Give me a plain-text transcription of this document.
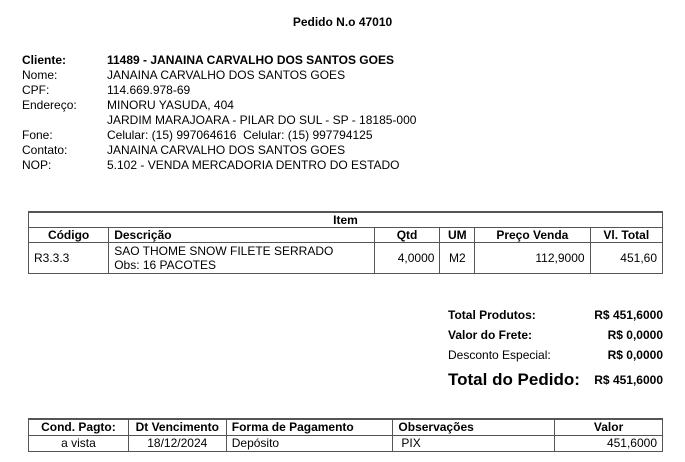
Pedido N.o 47010
Cliente:	11489 - JANAINA CARVALHO DOS SANTOS GOES
Nome:	JANAINA CARVALHO DOS SANTOS GOES
CPF:	114.669.978-69
Endereço:	MINORU YASUDA, 404
JARDIM MARAJOARA - PILAR DO SUL - SP - 18185-000
Fone:	Celular: (15) 997064616  Celular: (15) 997794125
Contato:	JANAINA CARVALHO DOS SANTOS GOES
NOP:	5.102 - VENDA MERCADORIA DENTRO DO ESTADO
Item					
Código	Descrição	Qtd	UM	Preço Venda	Vl. Total
R3.3.3	SAO THOME SNOW FILETE SERRADO
Obs: 16 PACOTES	4,0000	M2	112,9000	451,60
Total Produtos:	R$ 451,6000
Valor do Frete:	R$ 0,0000
Desconto Especial:	R$ 0,0000
Total do Pedido: R$ 451,6000
Cond. Pagto:	Dt Vencimento	Forma de Pagamento	Observações	Valor
a vista	18/12/2024	Depósito	PIX	451,6000
